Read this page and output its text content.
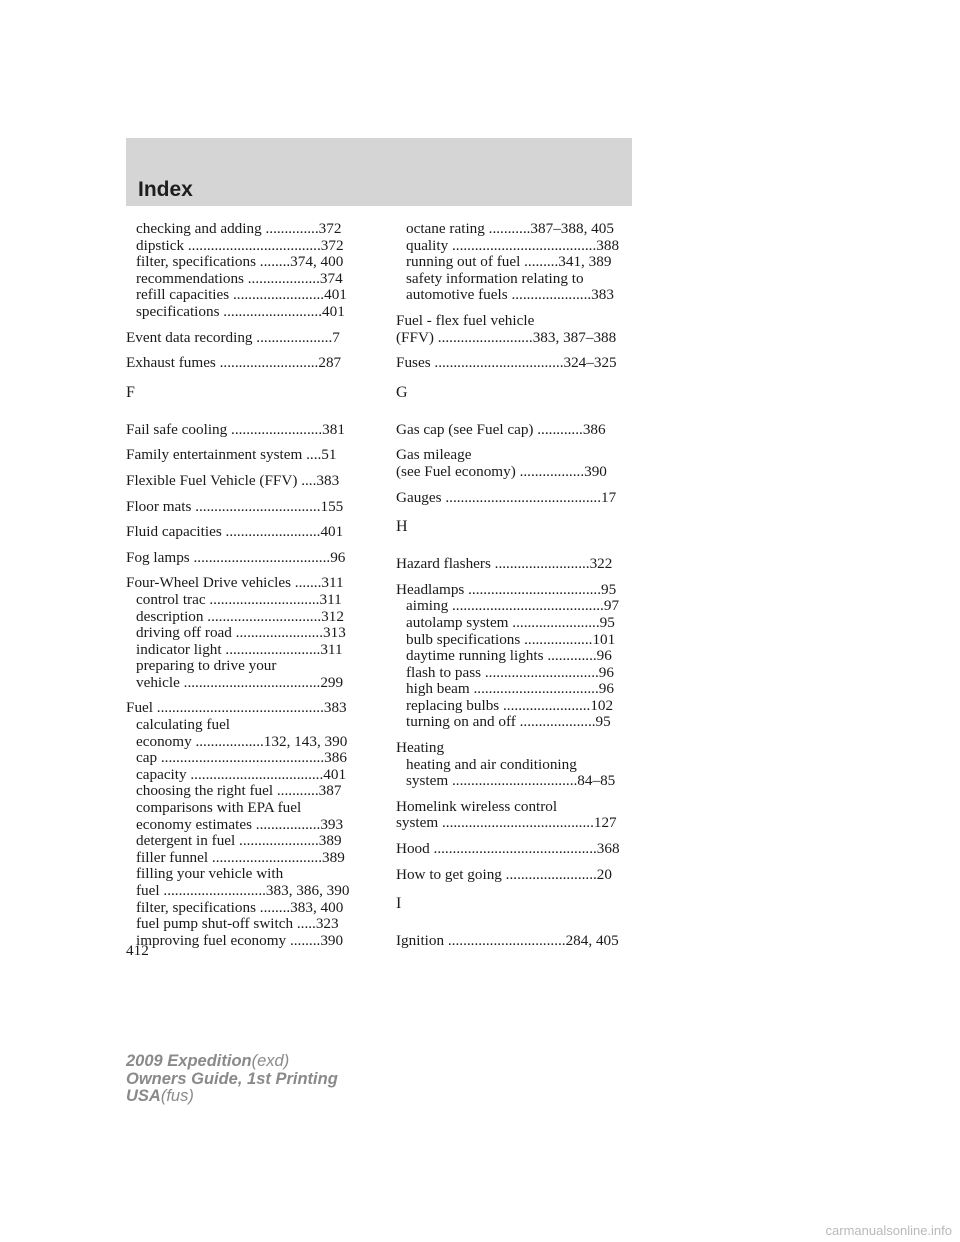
Index
checking and adding ..............372
dipstick ...................................372
filter, specifications ........374, 400
recommendations ...................374
refill capacities ........................401
specifications ..........................401
Event data recording ....................7
Exhaust fumes ..........................287
F
Fail safe cooling ........................381
Family entertainment system ....51
Flexible Fuel Vehicle (FFV) ....383
Floor mats .................................155
Fluid capacities .........................401
Fog lamps ....................................96
Four-Wheel Drive vehicles .......311
control trac .............................311
description ..............................312
driving off road .......................313
indicator light .........................311
preparing to drive your
vehicle ....................................299
Fuel ............................................383
calculating fuel
economy ..................132, 143, 390
cap ...........................................386
capacity ...................................401
choosing the right fuel ...........387
comparisons with EPA fuel
economy estimates .................393
detergent in fuel .....................389
filler funnel .............................389
filling your vehicle with
fuel ...........................383, 386, 390
filter, specifications ........383, 400
fuel pump shut-off switch .....323
improving fuel economy ........390
octane rating ...........387–388, 405
quality ......................................388
running out of fuel .........341, 389
safety information relating to
automotive fuels .....................383
Fuel - flex fuel vehicle
(FFV) .........................383, 387–388
Fuses ..................................324–325
G
Gas cap (see Fuel cap) ............386
Gas mileage
(see Fuel economy) .................390
Gauges .........................................17
H
Hazard flashers .........................322
Headlamps ...................................95
aiming ........................................97
autolamp system .......................95
bulb specifications ..................101
daytime running lights .............96
flash to pass ..............................96
high beam .................................96
replacing bulbs .......................102
turning on and off ....................95
Heating
heating and air conditioning
system .................................84–85
Homelink wireless control
system ........................................127
Hood ...........................................368
How to get going ........................20
I
Ignition ...............................284, 405
412
2009 Expedition(exd)
Owners Guide, 1st Printing
USA(fus)
carmanualsonline.info
